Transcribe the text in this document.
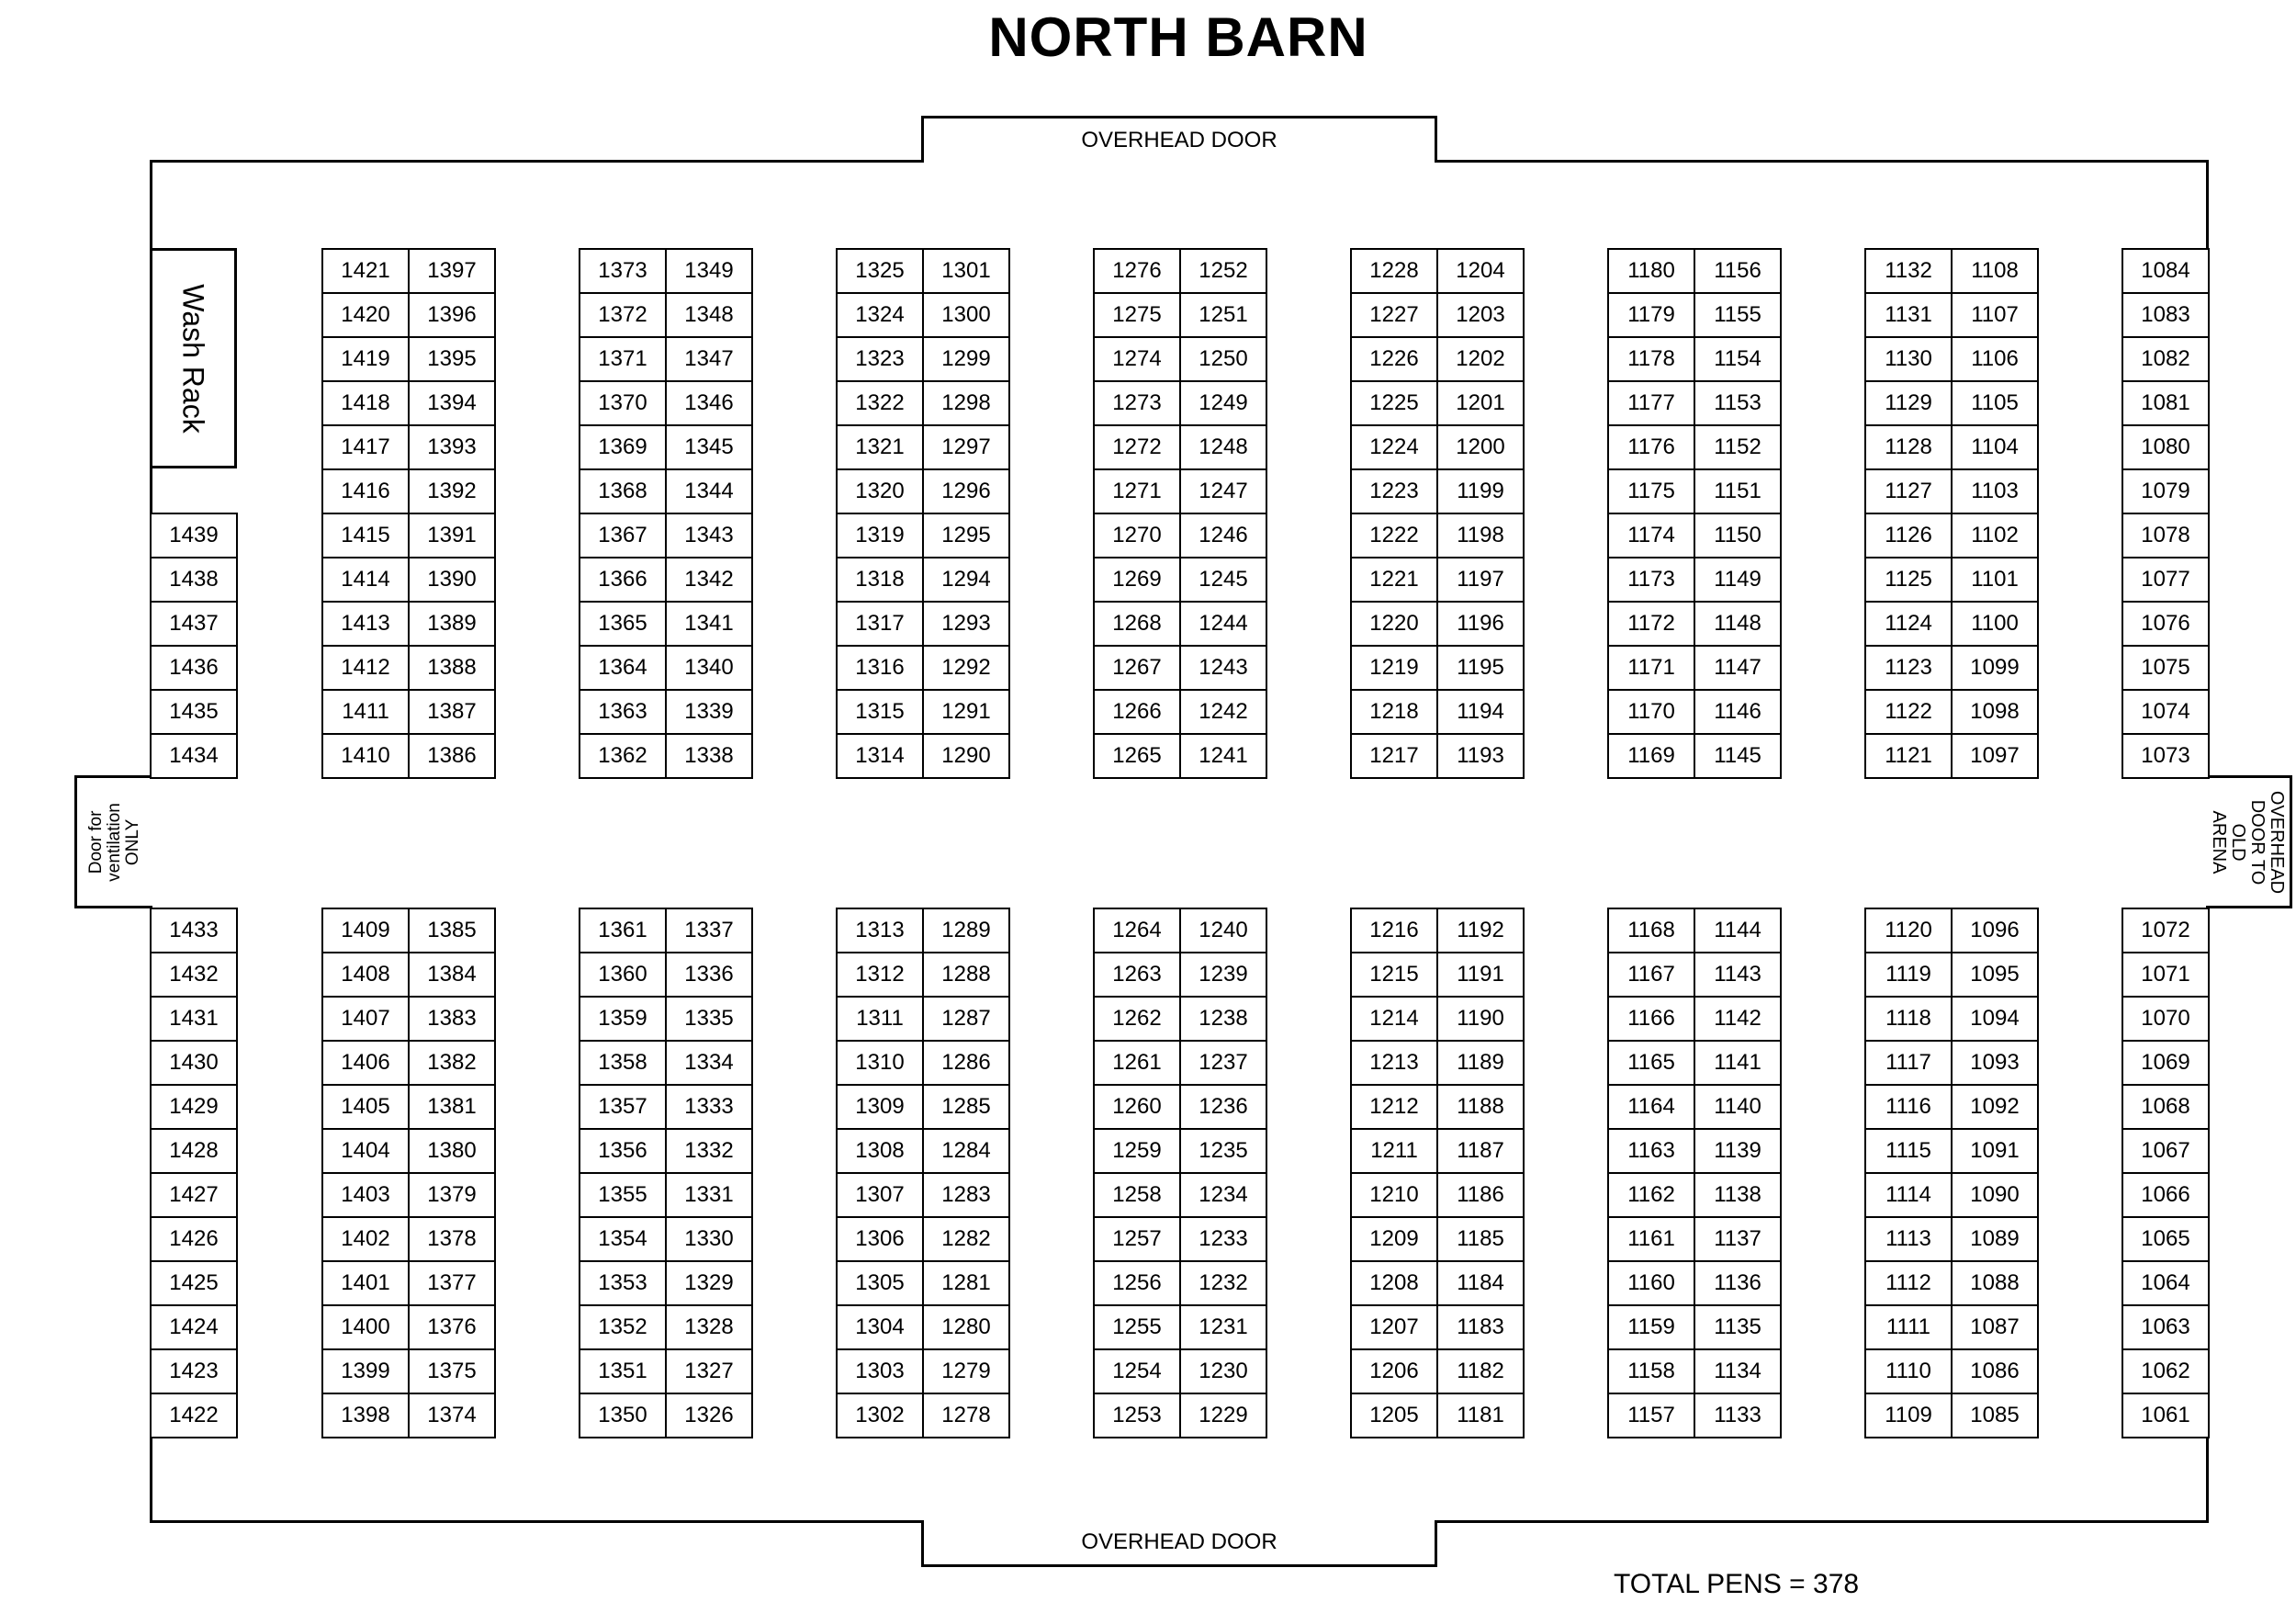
NORTH BARN
OVERHEAD DOOR
OVERHEAD DOOR
Door for
ventilation
ONLY	OVERHEAD
DOOR TO
OLD ARENA
Wash Rack
1439
1438
1437
1436
1435
1434
1433
1432
1431
1430
1429
1428
1427
1426
1425
1424
1423
1422
1084
1083
1082
1081
1080
1079
1078
1077
1076
1075
1074
1073
1072
1071
1070
1069
1068
1067
1066
1065
1064
1063
1062
1061
1421
1420
1419
1418
1417
1416
1415
1414
1413
1412
1411
1410
1397
1396
1395
1394
1393
1392
1391
1390
1389
1388
1387
1386
1373
1372
1371
1370
1369
1368
1367
1366
1365
1364
1363
1362
1349
1348
1347
1346
1345
1344
1343
1342
1341
1340
1339
1338
1325
1324
1323
1322
1321
1320
1319
1318
1317
1316
1315
1314
1301
1300
1299
1298
1297
1296
1295
1294
1293
1292
1291
1290
1276
1275
1274
1273
1272
1271
1270
1269
1268
1267
1266
1265
1252
1251
1250
1249
1248
1247
1246
1245
1244
1243
1242
1241
1228
1227
1226
1225
1224
1223
1222
1221
1220
1219
1218
1217
1204
1203
1202
1201
1200
1199
1198
1197
1196
1195
1194
1193
1180
1179
1178
1177
1176
1175
1174
1173
1172
1171
1170
1169
1156
1155
1154
1153
1152
1151
1150
1149
1148
1147
1146
1145
1132
1131
1130
1129
1128
1127
1126
1125
1124
1123
1122
1121
1108
1107
1106
1105
1104
1103
1102
1101
1100
1099
1098
1097
1409
1408
1407
1406
1405
1404
1403
1402
1401
1400
1399
1398
1385
1384
1383
1382
1381
1380
1379
1378
1377
1376
1375
1374
1361
1360
1359
1358
1357
1356
1355
1354
1353
1352
1351
1350
1337
1336
1335
1334
1333
1332
1331
1330
1329
1328
1327
1326
1313
1312
1311
1310
1309
1308
1307
1306
1305
1304
1303
1302
1289
1288
1287
1286
1285
1284
1283
1282
1281
1280
1279
1278
1264
1263
1262
1261
1260
1259
1258
1257
1256
1255
1254
1253
1240
1239
1238
1237
1236
1235
1234
1233
1232
1231
1230
1229
1216
1215
1214
1213
1212
1211
1210
1209
1208
1207
1206
1205
1192
1191
1190
1189
1188
1187
1186
1185
1184
1183
1182
1181
1168
1167
1166
1165
1164
1163
1162
1161
1160
1159
1158
1157
1144
1143
1142
1141
1140
1139
1138
1137
1136
1135
1134
1133
1120
1119
1118
1117
1116
1115
1114
1113
1112
1111
1110
1109
1096
1095
1094
1093
1092
1091
1090
1089
1088
1087
1086
1085
TOTAL PENS = 378
